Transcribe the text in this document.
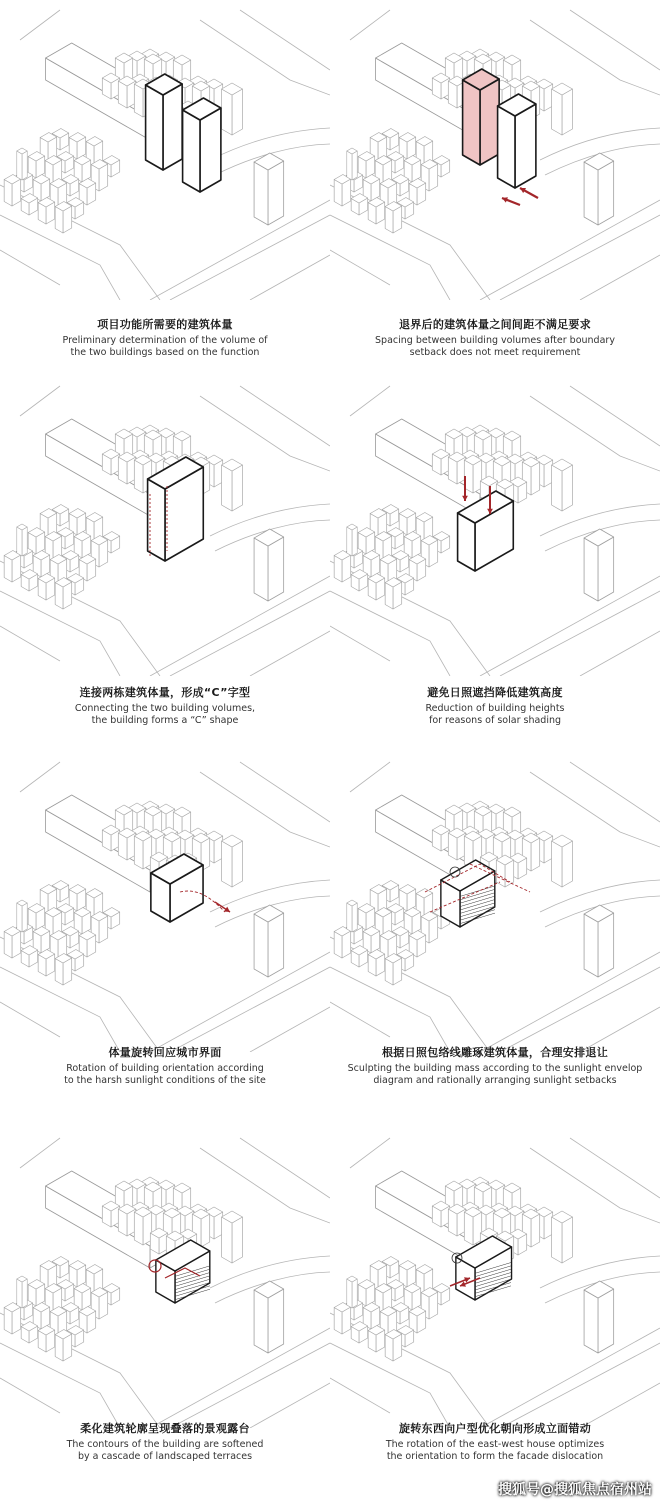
项目功能所需要的建筑体量
Preliminary determination of the volume of
the two buildings based on the function
退界后的建筑体量之间间距不满足要求
Spacing between building volumes after boundary
setback does not meet requirement
连接两栋建筑体量，形成“C”字型
Connecting the two building volumes,
the building forms a “C” shape
避免日照遮挡降低建筑高度
Reduction of building heights
for reasons of solar shading
体量旋转回应城市界面
Rotation of building orientation according
to the harsh sunlight conditions of the site
根据日照包络线雕琢建筑体量，合理安排退让
Sculpting the building mass according to the sunlight envelop
diagram and rationally arranging sunlight setbacks
柔化建筑轮廓呈现叠落的景观露台
The contours of the building are softened
by a cascade of landscaped terraces
旋转东西向户型优化朝向形成立面错动
The rotation of the east-west house optimizes
the orientation to form the facade dislocation
搜狐号@搜狐焦点宿州站
